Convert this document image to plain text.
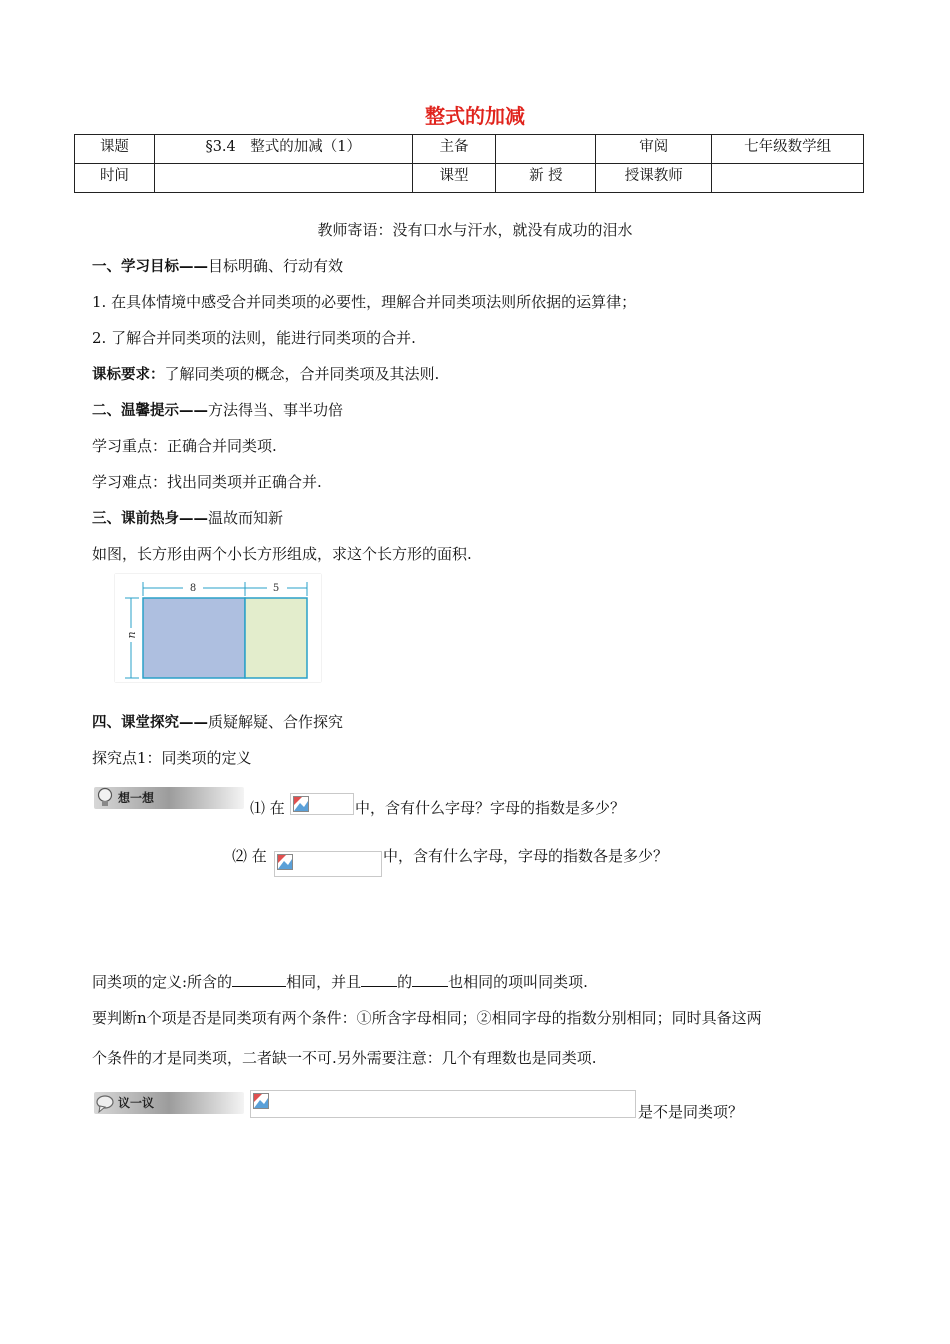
整式的加减
课题	§3.4　整式的加减（1）	主备		审阅	七年级数学组
时间		课型	新 授	授课教师	
教师寄语：没有口水与汗水，就没有成功的泪水
一、学习目标——目标明确、行动有效
1. 在具体情境中感受合并同类项的必要性，理解合并同类项法则所依据的运算律；
2. 了解合并同类项的法则，能进行同类项的合并.
课标要求：了解同类项的概念，合并同类项及其法则.
二、温馨提示——方法得当、事半功倍
学习重点：正确合并同类项.
学习难点：找出同类项并正确合并.
三、课前热身——温故而知新
如图，长方形由两个小长方形组成，求这个长方形的面积.
8	5
n
四、课堂探究——质疑解疑、合作探究
探究点1：同类项的定义
想一想
⑴ 在	中，含有什么字母？字母的指数是多少？
⑵ 在	中，含有什么字母，字母的指数各是多少？
同类项的定义:所含的	相同，并且 的 也相同的项叫同类项.
要判断n个项是否是同类项有两个条件：①所含字母相同；②相同字母的指数分别相同；同时具备这两
个条件的才是同类项，二者缺一不可.另外需要注意：几个有理数也是同类项.
议一议	是不是同类项？
